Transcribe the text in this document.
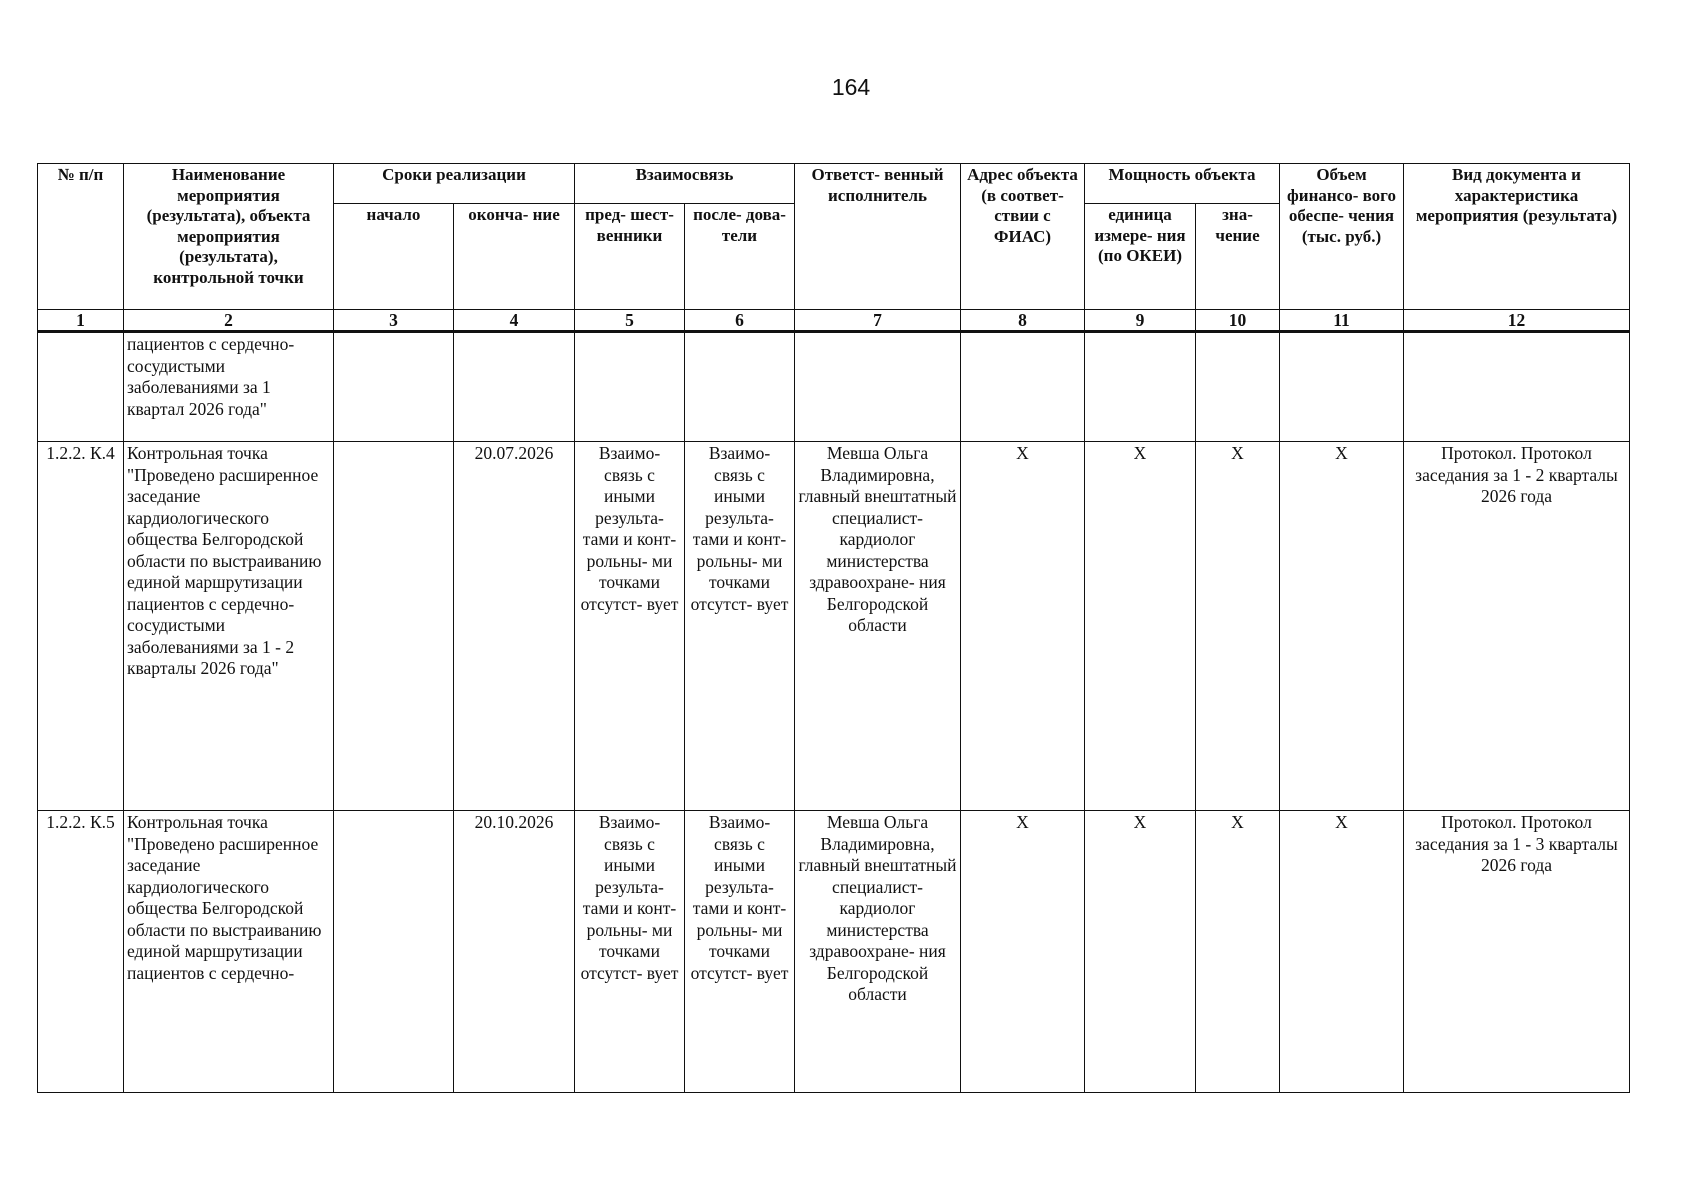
164
№ п/п	Наименование мероприятия (результата), объекта мероприятия (результата), контрольной точки	Сроки реализации		Взаимосвязь		Ответст- венный исполнитель	Адрес объекта (в соответ- ствии с ФИАС)	Мощность объекта		Объем финансо- вого обеспе- чения (тыс. руб.)	Вид документа и характеристика мероприятия (результата)
		начало	оконча- ние	пред- шест- венники	после- дова- тели			единица измере- ния (по ОКЕИ)	зна- чение		
1	2	3	4	5	6	7	8	9	10	11	12
	пациентов с сердечно- сосудистыми заболеваниями за 1 квартал 2026 года"										
1.2.2. К.4	Контрольная точка "Проведено расширенное заседание кардиологического общества Белгородской области по выстраиванию единой маршрутизации пациентов с сердечно- сосудистыми заболеваниями за 1 - 2 кварталы 2026 года"		20.07.2026	Взаимо- связь с иными результа- тами и конт- рольны- ми точками отсутст- вует	Взаимо- связь с иными результа- тами и конт- рольны- ми точками отсутст- вует	Мевша Ольга Владимировна, главный внештатный специалист- кардиолог министерства здравоохране- ния Белгородской области	Х	Х	Х	Х	Протокол. Протокол заседания за 1 - 2 кварталы 2026 года
1.2.2. К.5	Контрольная точка "Проведено расширенное заседание кардиологического общества Белгородской области по выстраиванию единой маршрутизации пациентов с сердечно-		20.10.2026	Взаимо- связь с иными результа- тами и конт- рольны- ми точками отсутст- вует	Взаимо- связь с иными результа- тами и конт- рольны- ми точками отсутст- вует	Мевша Ольга Владимировна, главный внештатный специалист- кардиолог министерства здравоохране- ния Белгородской области	Х	Х	Х	Х	Протокол. Протокол заседания за 1 - 3 кварталы 2026 года
